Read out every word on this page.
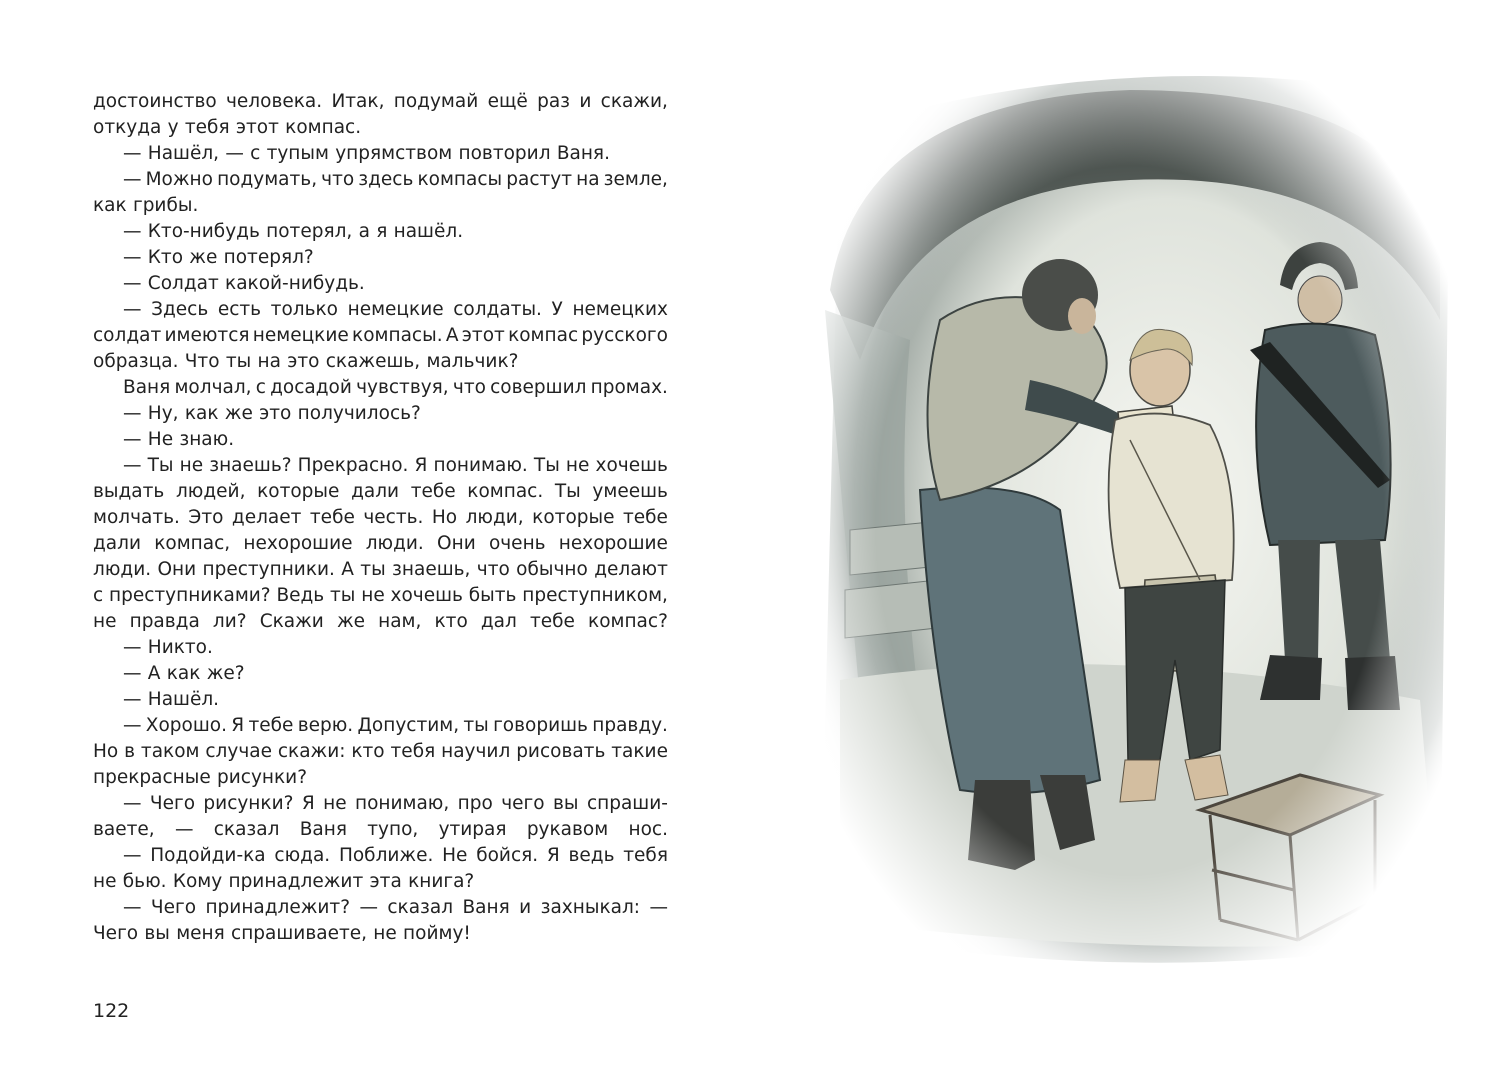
достоинство человека. Итак, подумай ещё раз и скажи,
откуда у тебя этот компас.
— Нашёл, — с тупым упрямством повторил Ваня.
— Можно подумать, что здесь компасы растут на земле,
как грибы.
— Кто-нибудь потерял, а я нашёл.
— Кто же потерял?
— Солдат какой-нибудь.
— Здесь есть только немецкие солдаты. У немецких
солдат имеются немецкие компасы. А этот компас русского
образца. Что ты на это скажешь, мальчик?
Ваня молчал, с досадой чувствуя, что совершил промах.
— Ну, как же это получилось?
— Не знаю.
— Ты не знаешь? Прекрасно. Я понимаю. Ты не хочешь
выдать людей, которые дали тебе компас. Ты умеешь
молчать. Это делает тебе честь. Но люди, которые тебе
дали компас, нехорошие люди. Они очень нехорошие
люди. Они преступники. А ты знаешь, что обычно делают
с преступниками? Ведь ты не хочешь быть преступником,
не правда ли? Скажи же нам, кто дал тебе компас?
— Никто.
— А как же?
— Нашёл.
— Хорошо. Я тебе верю. Допустим, ты говоришь правду.
Но в таком случае скажи: кто тебя научил рисовать такие
прекрасные рисунки?
— Чего рисунки? Я не понимаю, про чего вы спраши-
ваете, — сказал Ваня тупо, утирая рукавом нос.
— Подойди-ка сюда. Поближе. Не бойся. Я ведь тебя
не бью. Кому принадлежит эта книга?
— Чего принадлежит? — сказал Ваня и захныкал: —
Чего вы меня спрашиваете, не пойму!
122
